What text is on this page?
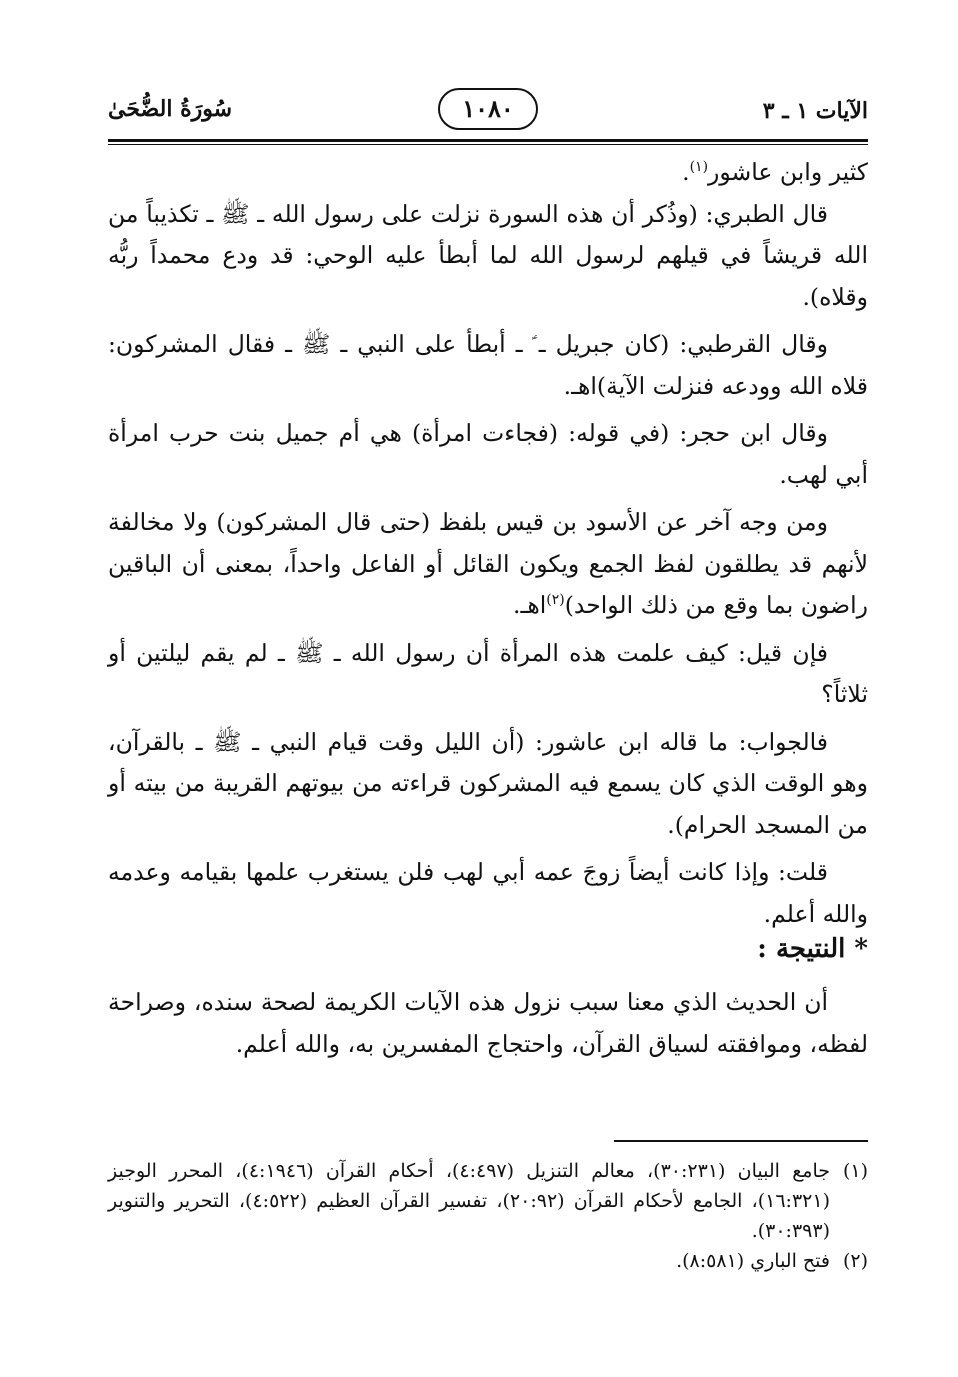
سُورَةُ الضُّحَىٰ	١٠٨٠	الآيات ١ ـ ٣

كثير وابن عاشور$^{(١)}$.

قال الطبري: (وذُكر أن هذه السورة نزلت على رسول الله ـ ﷺ ـ تكذيباً من الله قريشاً في قيلهم لرسول الله لما أبطأ عليه الوحي: قد ودع محمداً ربُّه وقلاه).

وقال القرطبي: (كان جبريل ـ ؑ ـ أبطأ على النبي ـ ﷺ ـ فقال المشركون: قلاه الله وودعه فنزلت الآية)اهـ.

وقال ابن حجر: (في قوله: (فجاءت امرأة) هي أم جميل بنت حرب امرأة أبي لهب.

ومن وجه آخر عن الأسود بن قيس بلفظ (حتى قال المشركون) ولا مخالفة لأنهم قد يطلقون لفظ الجمع ويكون القائل أو الفاعل واحداً، بمعنى أن الباقين راضون بما وقع من ذلك الواحد)$^{(٢)}$اهـ.

فإن قيل: كيف علمت هذه المرأة أن رسول الله ـ ﷺ ـ لم يقم ليلتين أو ثلاثاً؟

فالجواب: ما قاله ابن عاشور: (أن الليل وقت قيام النبي ـ ﷺ ـ بالقرآن، وهو الوقت الذي كان يسمع فيه المشركون قراءته من بيوتهم القريبة من بيته أو من المسجد الحرام).

قلت: وإذا كانت أيضاً زوجَ عمه أبي لهب فلن يستغرب علمها بقيامه وعدمه والله أعلم.

* النتيجة :

أن الحديث الذي معنا سبب نزول هذه الآيات الكريمة لصحة سنده، وصراحة لفظه، وموافقته لسياق القرآن، واحتجاج المفسرين به، والله أعلم.

(١)
جامع البيان (٣٠:٢٣١)، معالم التنزيل (٤:٤٩٧)، أحكام القرآن (٤:١٩٤٦)، المحرر الوجيز (١٦:٣٢١)، الجامع لأحكام القرآن (٢٠:٩٢)، تفسير القرآن العظيم (٤:٥٢٢)، التحرير والتنوير (٣٠:٣٩٣).
(٢)
فتح الباري (٨:٥٨١).
